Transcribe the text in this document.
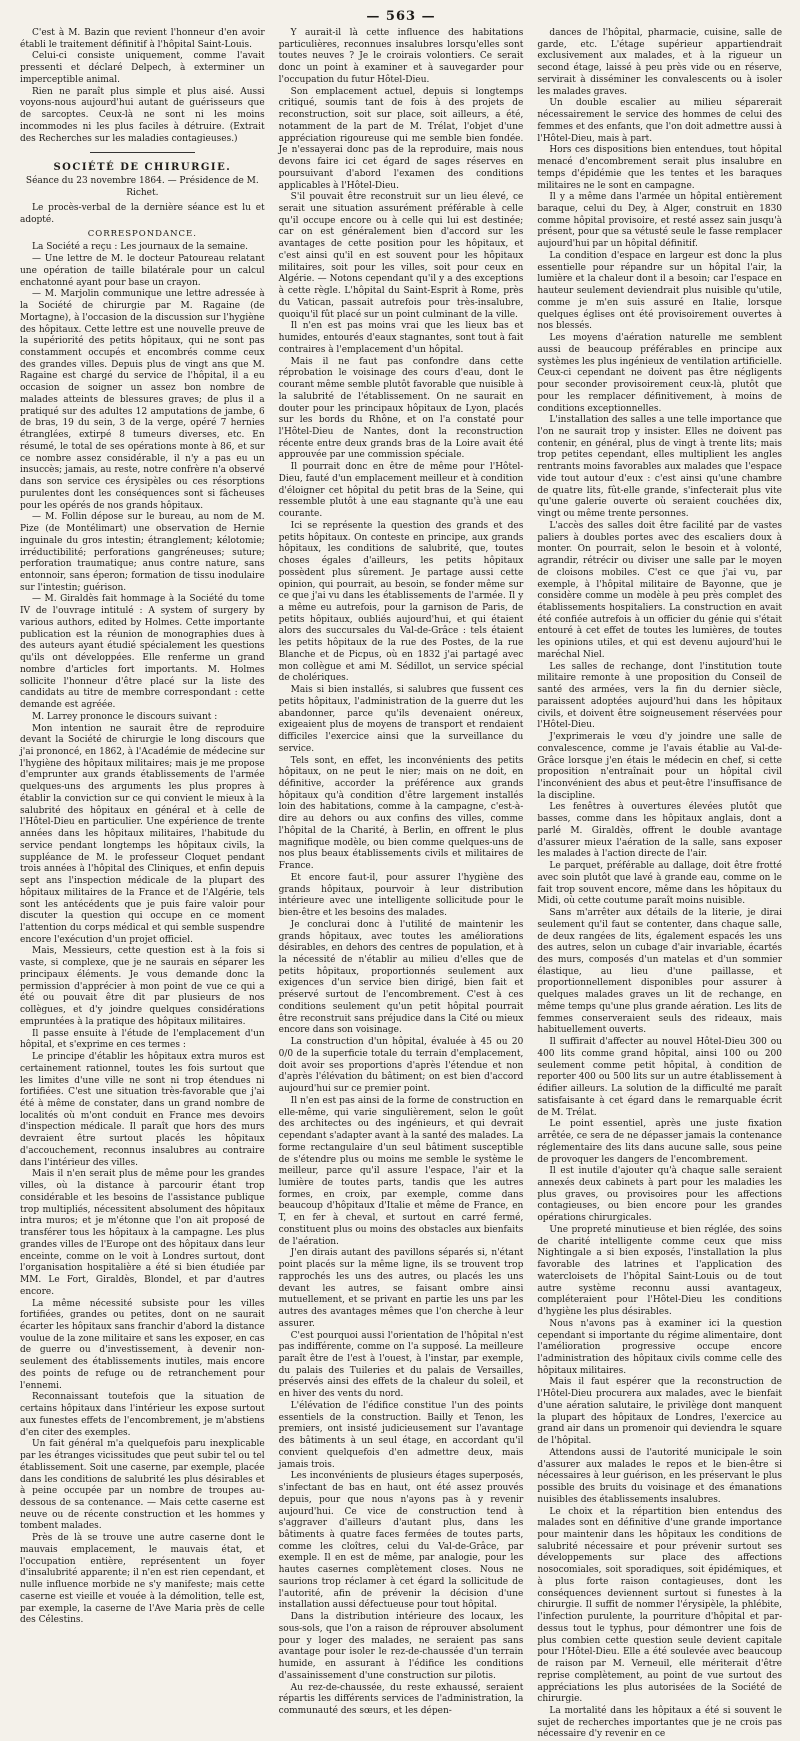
— 563 —

C'est à M. Bazin que revient l'honneur d'en avoir établi le traitement définitif à l'hôpital Saint-Louis.

Celui-ci consiste uniquement, comme l'avait pressenti et déclaré Delpech, à exterminer un imperceptible animal.

Rien ne paraît plus simple et plus aisé. Aussi voyons-nous aujourd'hui autant de guérisseurs que de sarcoptes. Ceux-là ne sont ni les moins incommodes ni les plus faciles à détruire. (Extrait des Recherches sur les maladies contagieuses.)

SOCIÉTÉ DE CHIRURGIE.
Séance du 23 novembre 1864. — Présidence de M. Richet.

Le procès-verbal de la dernière séance est lu et adopté.

CORRESPONDANCE.

La Société a reçu : Les journaux de la semaine.

— Une lettre de M. le docteur Patoureau relatant une opération de taille bilatérale pour un calcul enchatonné ayant pour base un crayon.

— M. Marjolin communique une lettre adressée à la Société de chirurgie par M. Ragaine (de Mortagne), à l'occasion de la discussion sur l'hygiène des hôpitaux. Cette lettre est une nouvelle preuve de la supériorité des petits hôpitaux, qui ne sont pas constamment occupés et encombrés comme ceux des grandes villes. Depuis plus de vingt ans que M. Ragaine est chargé du service de l'hôpital, il a eu occasion de soigner un assez bon nombre de malades atteints de blessures graves; de plus il a pratiqué sur des adultes 12 amputations de jambe, 6 de bras, 19 du sein, 3 de la verge, opéré 7 hernies étranglées, extirpé 8 tumeurs diverses, etc. En résumé, le total de ses opérations monte à 86, et sur ce nombre assez considérable, il n'y a pas eu un insuccès; jamais, au reste, notre confrère n'a observé dans son service ces érysipèles ou ces résorptions purulentes dont les conséquences sont si fâcheuses pour les opérés de nos grands hôpitaux.

— M. Follin dépose sur le bureau, au nom de M. Pize (de Montélimart) une observation de Hernie inguinale du gros intestin; étranglement; kélotomie; irréductibilité; perforations gangréneuses; suture; perforation traumatique; anus contre nature, sans entonnoir, sans éperon; formation de tissu inodulaire sur l'intestin; guérison.

— M. Giraldès fait hommage à la Société du tome IV de l'ouvrage intitulé : A system of surgery by various authors, edited by Holmes. Cette importante publication est la réunion de monographies dues à des auteurs ayant étudié spécialement les questions qu'ils ont développées. Elle renferme un grand nombre d'articles fort importants. M. Holmes sollicite l'honneur d'être placé sur la liste des candidats au titre de membre correspondant : cette demande est agréée.

M. Larrey prononce le discours suivant :

Mon intention ne saurait être de reproduire devant la Société de chirurgie le long discours que j'ai prononcé, en 1862, à l'Académie de médecine sur l'hygiène des hôpitaux militaires; mais je me propose d'emprunter aux grands établissements de l'armée quelques-uns des arguments les plus propres à établir la conviction sur ce qui convient le mieux à la salubrité des hôpitaux en général et à celle de l'Hôtel-Dieu en particulier. Une expérience de trente années dans les hôpitaux militaires, l'habitude du service pendant longtemps les hôpitaux civils, la suppléance de M. le professeur Cloquet pendant trois années à l'hôpital des Cliniques, et enfin depuis sept ans l'inspection médicale de la plupart des hôpitaux militaires de la France et de l'Algérie, tels sont les antécédents que je puis faire valoir pour discuter la question qui occupe en ce moment l'attention du corps médical et qui semble suspendre encore l'exécution d'un projet officiel.

Mais, Messieurs, cette question est à la fois si vaste, si complexe, que je ne saurais en séparer les principaux éléments. Je vous demande donc la permission d'apprécier à mon point de vue ce qui a été ou pouvait être dit par plusieurs de nos collègues, et d'y joindre quelques considérations empruntées à la pratique des hôpitaux militaires.

Il passe ensuite à l'étude de l'emplacement d'un hôpital, et s'exprime en ces termes :

Le principe d'établir les hôpitaux extra muros est certainement rationnel, toutes les fois surtout que les limites d'une ville ne sont ni trop étendues ni fortifiées. C'est une situation très-favorable que j'ai été à même de constater, dans un grand nombre de localités où m'ont conduit en France mes devoirs d'inspection médicale. Il paraît que hors des murs devraient être surtout placés les hôpitaux d'accouchement, reconnus insalubres au contraire dans l'intérieur des villes.

Mais il n'en serait plus de même pour les grandes villes, où la distance à parcourir étant trop considérable et les besoins de l'assistance publique trop multipliés, nécessitent absolument des hôpitaux intra muros; et je m'étonne que l'on ait proposé de transférer tous les hôpitaux à la campagne. Les plus grandes villes de l'Europe ont des hôpitaux dans leur enceinte, comme on le voit à Londres surtout, dont l'organisation hospitalière a été si bien étudiée par MM. Le Fort, Giraldès, Blondel, et par d'autres encore.

La même nécessité subsiste pour les villes fortifiées, grandes ou petites, dont on ne saurait écarter les hôpitaux sans franchir d'abord la distance voulue de la zone militaire et sans les exposer, en cas de guerre ou d'investissement, à devenir non-seulement des établissements inutiles, mais encore des points de refuge ou de retranchement pour l'ennemi.

Reconnaissant toutefois que la situation de certains hôpitaux dans l'intérieur les expose surtout aux funestes effets de l'encombrement, je m'abstiens d'en citer des exemples.

Un fait général m'a quelquefois paru inexplicable par les étranges vicissitudes que peut subir tel ou tel établissement. Soit une caserne, par exemple, placée dans les conditions de salubrité les plus désirables et à peine occupée par un nombre de troupes au-dessous de sa contenance. — Mais cette caserne est neuve ou de récente construction et les hommes y tombent malades.

Près de là se trouve une autre caserne dont le mauvais emplacement, le mauvais état, et l'occupation entière, représentent un foyer d'insalubrité apparente; il n'en est rien cependant, et nulle influence morbide ne s'y manifeste; mais cette caserne est vieille et vouée à la démolition, telle est, par exemple, la caserne de l'Ave Maria près de celle des Célestins.

Y aurait-il là cette influence des habitations particulières, reconnues insalubres lorsqu'elles sont toutes neuves ? Je le croirais volontiers. Ce serait donc un point à examiner et à sauvegarder pour l'occupation du futur Hôtel-Dieu.

Son emplacement actuel, depuis si longtemps critiqué, soumis tant de fois à des projets de reconstruction, soit sur place, soit ailleurs, a été, notamment de la part de M. Trélat, l'objet d'une appréciation rigoureuse qui me semble bien fondée. Je n'essayerai donc pas de la reproduire, mais nous devons faire ici cet égard de sages réserves en poursuivant d'abord l'examen des conditions applicables à l'Hôtel-Dieu.

S'il pouvait être reconstruit sur un lieu élevé, ce serait une situation assurément préférable à celle qu'il occupe encore ou à celle qui lui est destinée; car on est généralement bien d'accord sur les avantages de cette position pour les hôpitaux, et c'est ainsi qu'il en est souvent pour les hôpitaux militaires, soit pour les villes, soit pour ceux en Algérie. — Notons cependant qu'il y a des exceptions à cette règle. L'hôpital du Saint-Esprit à Rome, près du Vatican, passait autrefois pour très-insalubre, quoiqu'il fût placé sur un point culminant de la ville.

Il n'en est pas moins vrai que les lieux bas et humides, entourés d'eaux stagnantes, sont tout à fait contraires à l'emplacement d'un hôpital.

Mais il ne faut pas confondre dans cette réprobation le voisinage des cours d'eau, dont le courant même semble plutôt favorable que nuisible à la salubrité de l'établissement. On ne saurait en douter pour les principaux hôpitaux de Lyon, placés sur les bords du Rhône, et on l'a constaté pour l'Hôtel-Dieu de Nantes, dont la reconstruction récente entre deux grands bras de la Loire avait été approuvée par une commission spéciale.

Il pourrait donc en être de même pour l'Hôtel-Dieu, fauté d'un emplacement meilleur et à condition d'éloigner cet hôpital du petit bras de la Seine, qui ressemble plutôt à une eau stagnante qu'à une eau courante.

Ici se représente la question des grands et des petits hôpitaux. On conteste en principe, aux grands hôpitaux, les conditions de salubrité, que, toutes choses égales d'ailleurs, les petits hôpitaux possèdent plus sûrement. Je partage aussi cette opinion, qui pourrait, au besoin, se fonder même sur ce que j'ai vu dans les établissements de l'armée. Il y a même eu autrefois, pour la garnison de Paris, de petits hôpitaux, oubliés aujourd'hui, et qui étaient alors des succursales du Val-de-Grâce : tels étaient les petits hôpitaux de la rue des Postes, de la rue Blanche et de Picpus, où en 1832 j'ai partagé avec mon collègue et ami M. Sédillot, un service spécial de cholériques.

Mais si bien installés, si salubres que fussent ces petits hôpitaux, l'administration de la guerre dut les abandonner, parce qu'ils devenaient onéreux, exigeaient plus de moyens de transport et rendaient difficiles l'exercice ainsi que la surveillance du service.

Tels sont, en effet, les inconvénients des petits hôpitaux, on ne peut le nier; mais on ne doit, en définitive, accorder la préférence aux grands hôpitaux qu'à condition d'être largement installés loin des habitations, comme à la campagne, c'est-à-dire au dehors ou aux confins des villes, comme l'hôpital de la Charité, à Berlin, en offrent le plus magnifique modèle, ou bien comme quelques-uns de nos plus beaux établissements civils et militaires de France.

Et encore faut-il, pour assurer l'hygiène des grands hôpitaux, pourvoir à leur distribution intérieure avec une intelligente sollicitude pour le bien-être et les besoins des malades.

Je conclurai donc à l'utilité de maintenir les grands hôpitaux, avec toutes les améliorations désirables, en dehors des centres de population, et à la nécessité de n'établir au milieu d'elles que de petits hôpitaux, proportionnés seulement aux exigences d'un service bien dirigé, bien fait et préservé surtout de l'encombrement. C'est à ces conditions seulement qu'un petit hôpital pourrait être reconstruit sans préjudice dans la Cité ou mieux encore dans son voisinage.

La construction d'un hôpital, évaluée à 45 ou 20 0/0 de la superficie totale du terrain d'emplacement, doit avoir ses proportions d'après l'étendue et non d'après l'élévation du bâtiment; on est bien d'accord aujourd'hui sur ce premier point.

Il n'en est pas ainsi de la forme de construction en elle-même, qui varie singulièrement, selon le goût des architectes ou des ingénieurs, et qui devrait cependant s'adapter avant à la santé des malades. La forme rectangulaire d'un seul bâtiment susceptible de s'étendre plus ou moins me semble le système le meilleur, parce qu'il assure l'espace, l'air et la lumière de toutes parts, tandis que les autres formes, en croix, par exemple, comme dans beaucoup d'hôpitaux d'Italie et même de France, en T, en fer à cheval, et surtout en carré fermé, constituent plus ou moins des obstacles aux bienfaits de l'aération.

J'en dirais autant des pavillons séparés si, n'étant point placés sur la même ligne, ils se trouvent trop rapprochés les uns des autres, ou placés les uns devant les autres, se faisant ombre ainsi mutuellement, et se privant en partie les uns par les autres des avantages mêmes que l'on cherche à leur assurer.

C'est pourquoi aussi l'orientation de l'hôpital n'est pas indifférente, comme on l'a supposé. La meilleure paraît être de l'est à l'ouest, à l'instar, par exemple, du palais des Tuileries et du palais de Versailles, préservés ainsi des effets de la chaleur du soleil, et en hiver des vents du nord.

L'élévation de l'édifice constitue l'un des points essentiels de la construction. Bailly et Tenon, les premiers, ont insisté judicieusement sur l'avantage des bâtiments à un seul étage, en accordant qu'il convient quelquefois d'en admettre deux, mais jamais trois.

Les inconvénients de plusieurs étages superposés, s'infectant de bas en haut, ont été assez prouvés depuis, pour que nous n'ayons pas à y revenir aujourd'hui. Ce vice de construction tend à s'aggraver d'ailleurs d'autant plus, dans les bâtiments à quatre faces fermées de toutes parts, comme les cloîtres, celui du Val-de-Grâce, par exemple. Il en est de même, par analogie, pour les hautes casernes complètement closes. Nous ne saurions trop réclamer à cet égard la sollicitude de l'autorité, afin de prévenir la décision d'une installation aussi défectueuse pour tout hôpital.

Dans la distribution intérieure des locaux, les sous-sols, que l'on a raison de réprouver absolument pour y loger des malades, ne seraient pas sans avantage pour isoler le rez-de-chaussée d'un terrain humide, en assurant à l'édifice les conditions d'assainissement d'une construction sur pilotis.

Au rez-de-chaussée, du reste exhaussé, seraient répartis les différents services de l'administration, la communauté des sœurs, et les dépen-

dances de l'hôpital, pharmacie, cuisine, salle de garde, etc. L'étage supérieur appartiendrait exclusivement aux malades, et à la rigueur un second étage, laissé à peu près vide ou en réserve, servirait à disséminer les convalescents ou à isoler les malades graves.

Un double escalier au milieu séparerait nécessairement le service des hommes de celui des femmes et des enfants, que l'on doit admettre aussi à l'Hôtel-Dieu, mais à part.

Hors ces dispositions bien entendues, tout hôpital menacé d'encombrement serait plus insalubre en temps d'épidémie que les tentes et les baraques militaires ne le sont en campagne.

Il y a même dans l'armée un hôpital entièrement baraque, celui du Dey, à Alger, construit en 1830 comme hôpital provisoire, et resté assez sain jusqu'à présent, pour que sa vétusté seule le fasse remplacer aujourd'hui par un hôpital définitif.

La condition d'espace en largeur est donc la plus essentielle pour répandre sur un hôpital l'air, la lumière et la chaleur dont il a besoin; car l'espace en hauteur seulement deviendrait plus nuisible qu'utile, comme je m'en suis assuré en Italie, lorsque quelques églises ont été provisoirement ouvertes à nos blessés.

Les moyens d'aération naturelle me semblent aussi de beaucoup préférables en principe aux systèmes les plus ingénieux de ventilation artificielle. Ceux-ci cependant ne doivent pas être négligents pour seconder provisoirement ceux-là, plutôt que pour les remplacer définitivement, à moins de conditions exceptionnelles.

L'installation des salles a une telle importance que l'on ne saurait trop y insister. Elles ne doivent pas contenir, en général, plus de vingt à trente lits; mais trop petites cependant, elles multiplient les angles rentrants moins favorables aux malades que l'espace vide tout autour d'eux : c'est ainsi qu'une chambre de quatre lits, fût-elle grande, s'infecterait plus vite qu'une galerie ouverte où seraient couchées dix, vingt ou même trente personnes.

L'accès des salles doit être facilité par de vastes paliers à doubles portes avec des escaliers doux à monter. On pourrait, selon le besoin et à volonté, agrandir, rétrécir ou diviser une salle par le moyen de cloisons mobiles. C'est ce que j'ai vu, par exemple, à l'hôpital militaire de Bayonne, que je considère comme un modèle à peu près complet des établissements hospitaliers. La construction en avait été confiée autrefois à un officier du génie qui s'était entouré à cet effet de toutes les lumières, de toutes les opinions utiles, et qui est devenu aujourd'hui le maréchal Niel.

Les salles de rechange, dont l'institution toute militaire remonte à une proposition du Conseil de santé des armées, vers la fin du dernier siècle, paraissent adoptées aujourd'hui dans les hôpitaux civils, et doivent être soigneusement réservées pour l'Hôtel-Dieu.

J'exprimerais le vœu d'y joindre une salle de convalescence, comme je l'avais établie au Val-de-Grâce lorsque j'en étais le médecin en chef, si cette proposition n'entraînait pour un hôpital civil l'inconvénient des abus et peut-être l'insuffisance de la discipline.

Les fenêtres à ouvertures élevées plutôt que basses, comme dans les hôpitaux anglais, dont a parlé M. Giraldès, offrent le double avantage d'assurer mieux l'aération de la salle, sans exposer les malades à l'action directe de l'air.

Le parquet, préférable au dallage, doit être frotté avec soin plutôt que lavé à grande eau, comme on le fait trop souvent encore, même dans les hôpitaux du Midi, où cette coutume paraît moins nuisible.

Sans m'arrêter aux détails de la literie, je dirai seulement qu'il faut se contenter, dans chaque salle, de deux rangées de lits, également espacés les uns des autres, selon un cubage d'air invariable, écartés des murs, composés d'un matelas et d'un sommier élastique, au lieu d'une paillasse, et proportionnellement disponibles pour assurer à quelques malades graves un lit de rechange, en même temps qu'une plus grande aération. Les lits de femmes conserveraient seuls des rideaux, mais habituellement ouverts.

Il suffirait d'affecter au nouvel Hôtel-Dieu 300 ou 400 lits comme grand hôpital, ainsi 100 ou 200 seulement comme petit hôpital, à condition de reporter 400 ou 500 lits sur un autre établissement à édifier ailleurs. La solution de la difficulté me paraît satisfaisante à cet égard dans le remarquable écrit de M. Trélat.

Le point essentiel, après une juste fixation arrêtée, ce sera de ne dépasser jamais la contenance réglementaire des lits dans aucune salle, sous peine de provoquer les dangers de l'encombrement.

Il est inutile d'ajouter qu'à chaque salle seraient annexés deux cabinets à part pour les maladies les plus graves, ou provisoires pour les affections contagieuses, ou bien encore pour les grandes opérations chirurgicales.

Une propreté minutieuse et bien réglée, des soins de charité intelligente comme ceux que miss Nightingale a si bien exposés, l'installation la plus favorable des latrines et l'application des watercloisets de l'hôpital Saint-Louis ou de tout autre système reconnu aussi avantageux, compléteraient pour l'Hôtel-Dieu les conditions d'hygiène les plus désirables.

Nous n'avons pas à examiner ici la question cependant si importante du régime alimentaire, dont l'amélioration progressive occupe encore l'administration des hôpitaux civils comme celle des hôpitaux militaires.

Mais il faut espérer que la reconstruction de l'Hôtel-Dieu procurera aux malades, avec le bienfait d'une aération salutaire, le privilège dont manquent la plupart des hôpitaux de Londres, l'exercice au grand air dans un promenoir qui deviendra le square de l'hôpital.

Attendons aussi de l'autorité municipale le soin d'assurer aux malades le repos et le bien-être si nécessaires à leur guérison, en les préservant le plus possible des bruits du voisinage et des émanations nuisibles des établissements insalubres.

Le choix et la répartition bien entendus des malades sont en définitive d'une grande importance pour maintenir dans les hôpitaux les conditions de salubrité nécessaire et pour prévenir surtout ses développements sur place des affections nosocomiales, soit sporadiques, soit épidémiques, et à plus forte raison contagieuses, dont les conséquences deviennent surtout si funestes à la chirurgie. Il suffit de nommer l'érysipèle, la phlébite, l'infection purulente, la pourriture d'hôpital et par-dessus tout le typhus, pour démontrer une fois de plus combien cette question seule devient capitale pour l'Hôtel-Dieu. Elle a été soulevée avec beaucoup de raison par M. Verneuil, elle mériterait d'être reprise complètement, au point de vue surtout des appréciations les plus autorisées de la Société de chirurgie.

La mortalité dans les hôpitaux a été si souvent le sujet de recherches importantes que je ne crois pas nécessaire d'y revenir en ce
